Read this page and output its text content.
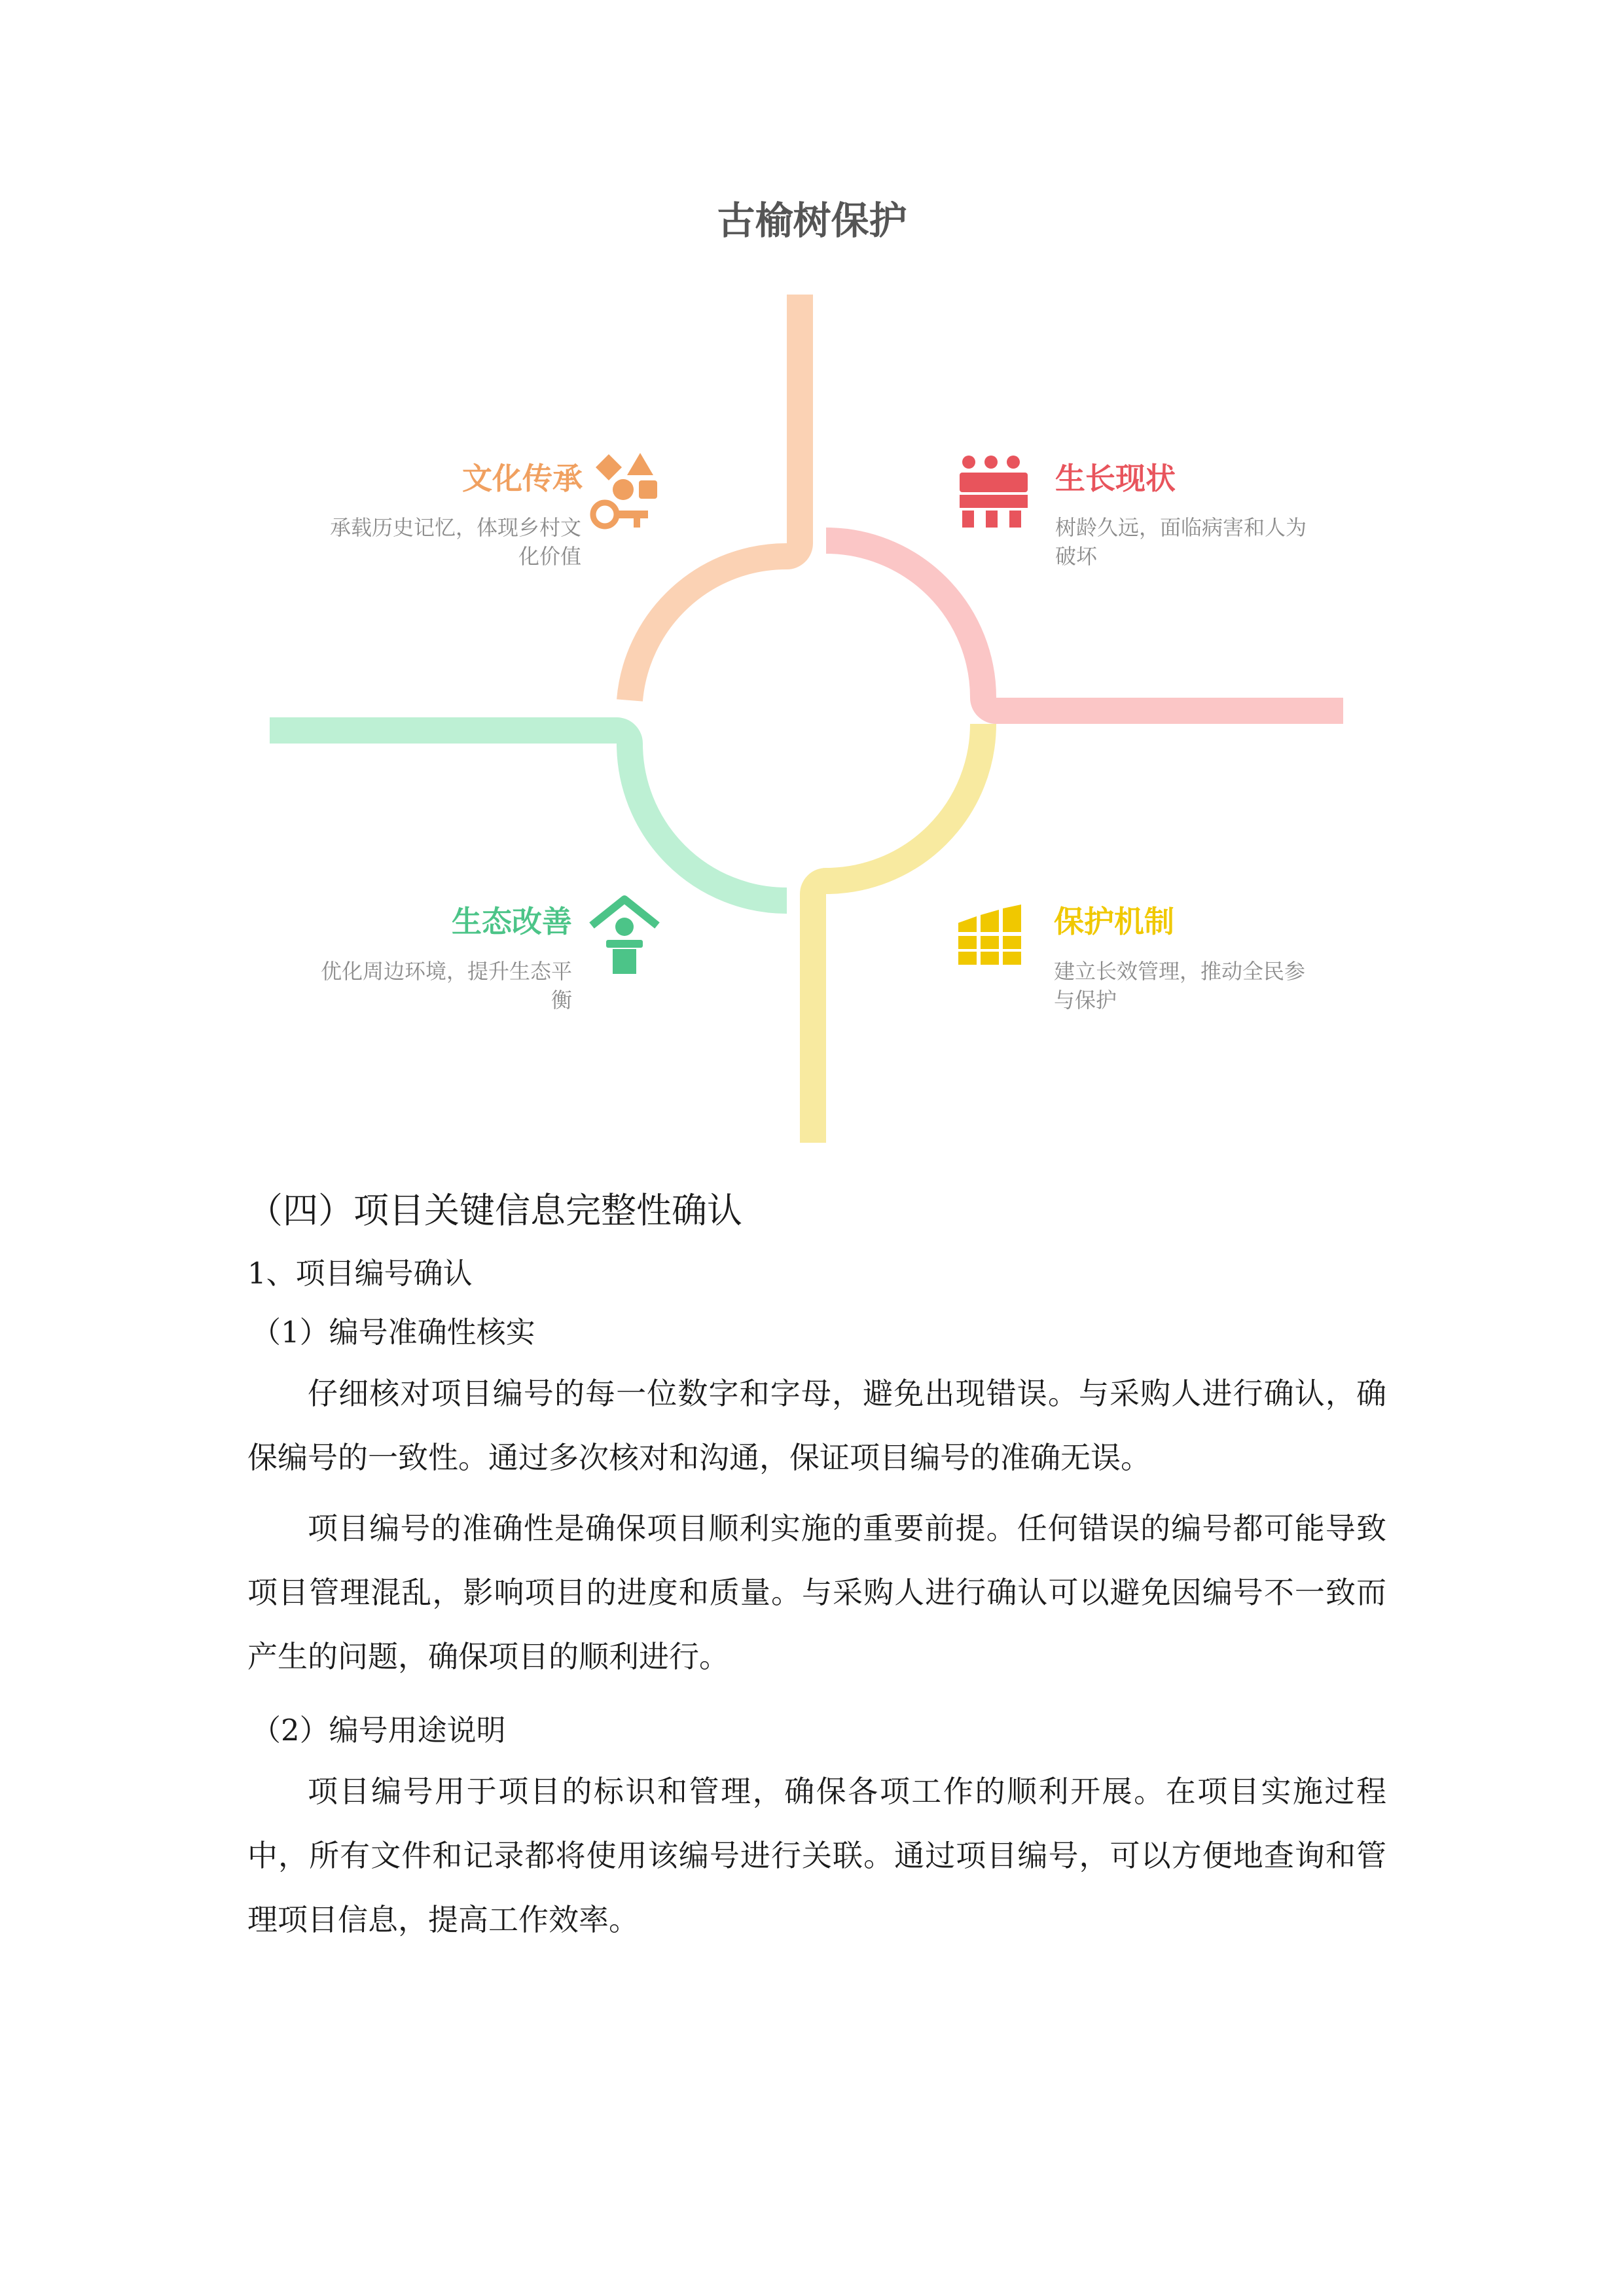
古榆树保护
文化传承
承载历史记忆，体现乡村文化价值
生长现状
树龄久远，面临病害和人为破坏
生态改善
优化周边环境，提升生态平衡
保护机制
建立长效管理，推动全民参与保护
（四）项目关键信息完整性确认
1、项目编号确认
（1）编号准确性核实

仔细核对项目编号的每一位数字和字母，避免出现错误。与采购人进行确认，确保编号的一致性。通过多次核对和沟通，保证项目编号的准确无误。

项目编号的准确性是确保项目顺利实施的重要前提。任何错误的编号都可能导致项目管理混乱，影响项目的进度和质量。与采购人进行确认可以避免因编号不一致而产生的问题，确保项目的顺利进行。

（2）编号用途说明

项目编号用于项目的标识和管理，确保各项工作的顺利开展。在项目实施过程中，所有文件和记录都将使用该编号进行关联。通过项目编号，可以方便地查询和管理项目信息，提高工作效率。
